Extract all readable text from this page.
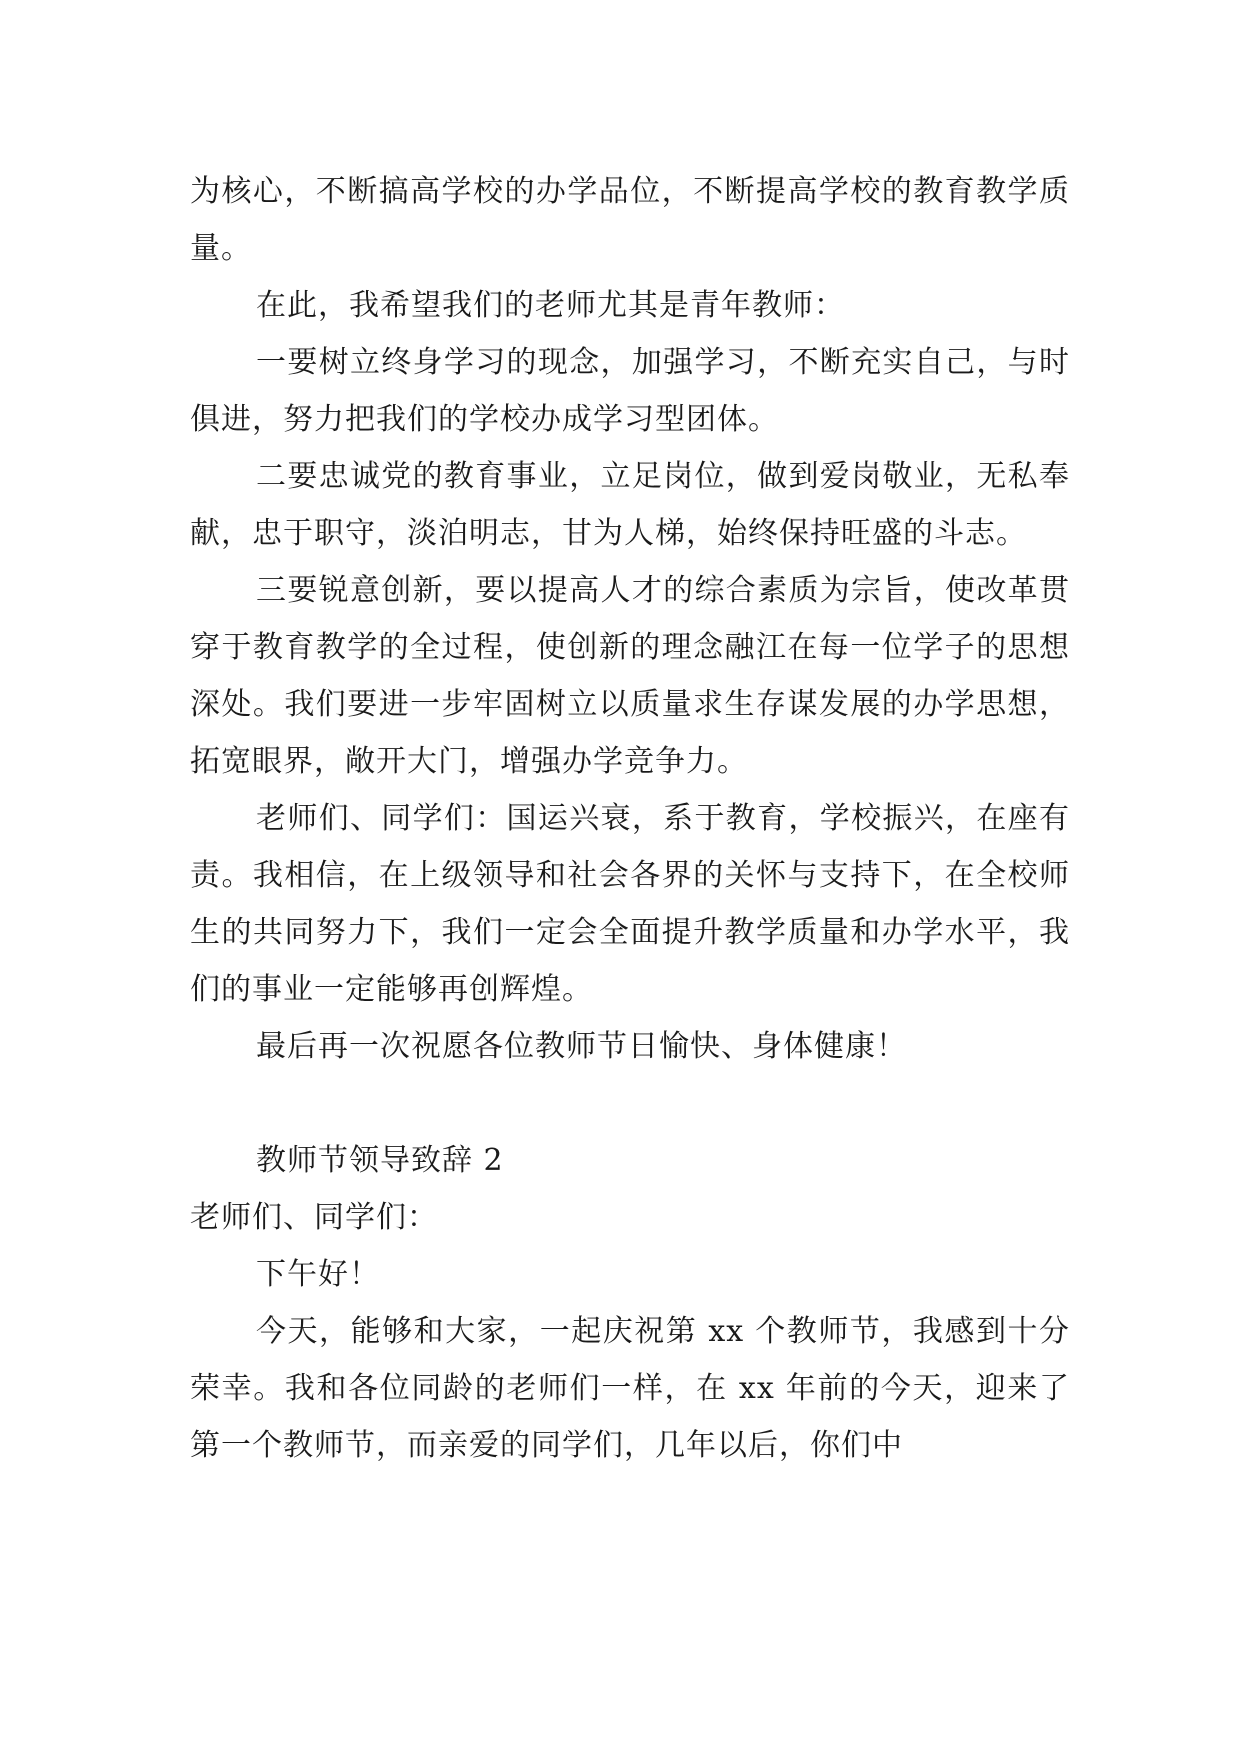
为核心，不断搞高学校的办学品位，不断提高学校的教育教学质量。

在此，我希望我们的老师尤其是青年教师：

一要树立终身学习的现念，加强学习，不断充实自己，与时俱进，努力把我们的学校办成学习型团体。

二要忠诚党的教育事业，立足岗位，做到爱岗敬业，无私奉献，忠于职守，淡泊明志，甘为人梯，始终保持旺盛的斗志。

三要锐意创新，要以提高人才的综合素质为宗旨，使改革贯穿于教育教学的全过程，使创新的理念融江在每一位学子的思想深处。我们要进一步牢固树立以质量求生存谋发展的办学思想，拓宽眼界，敞开大门，增强办学竞争力。

老师们、同学们：国运兴衰，系于教育，学校振兴，在座有责。我相信，在上级领导和社会各界的关怀与支持下，在全校师生的共同努力下，我们一定会全面提升教学质量和办学水平，我们的事业一定能够再创辉煌。

最后再一次祝愿各位教师节日愉快、身体健康！

教师节领导致辞 2

老师们、同学们：

下午好！

今天，能够和大家，一起庆祝第 xx 个教师节，我感到十分荣幸。我和各位同龄的老师们一样，在 xx 年前的今天，迎来了第一个教师节，而亲爱的同学们，几年以后，你们中
